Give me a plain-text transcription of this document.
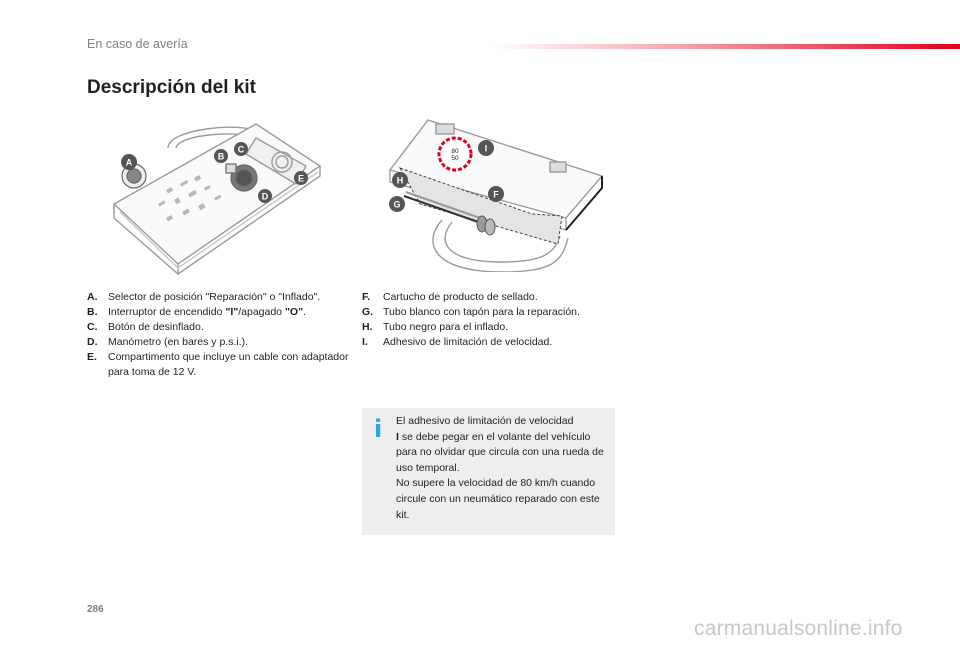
En caso de avería
Descripción del kit
A
B
C
D
E
80
50
I
H
F
G
A.	Selector de posición "Reparación" o "Inflado".
B.	Interruptor de encendido "I"/apagado "O".
C.	Botón de desinflado.
D.	Manómetro (en bares y p.s.i.).
E.	Compartimento que incluye un cable con adaptador para toma de 12 V.
F.	Cartucho de producto de sellado.
G. Tubo blanco con tapón para la reparación.
H.	Tubo negro para el inflado.
I.	Adhesivo de limitación de velocidad.
i	El adhesivo de limitación de velocidad
I se debe pegar en el volante del vehículo para no olvidar que circula con una rueda de uso temporal.
No supere la velocidad de 80 km/h cuando circule con un neumático reparado con este kit.
286
carmanualsonline.info
